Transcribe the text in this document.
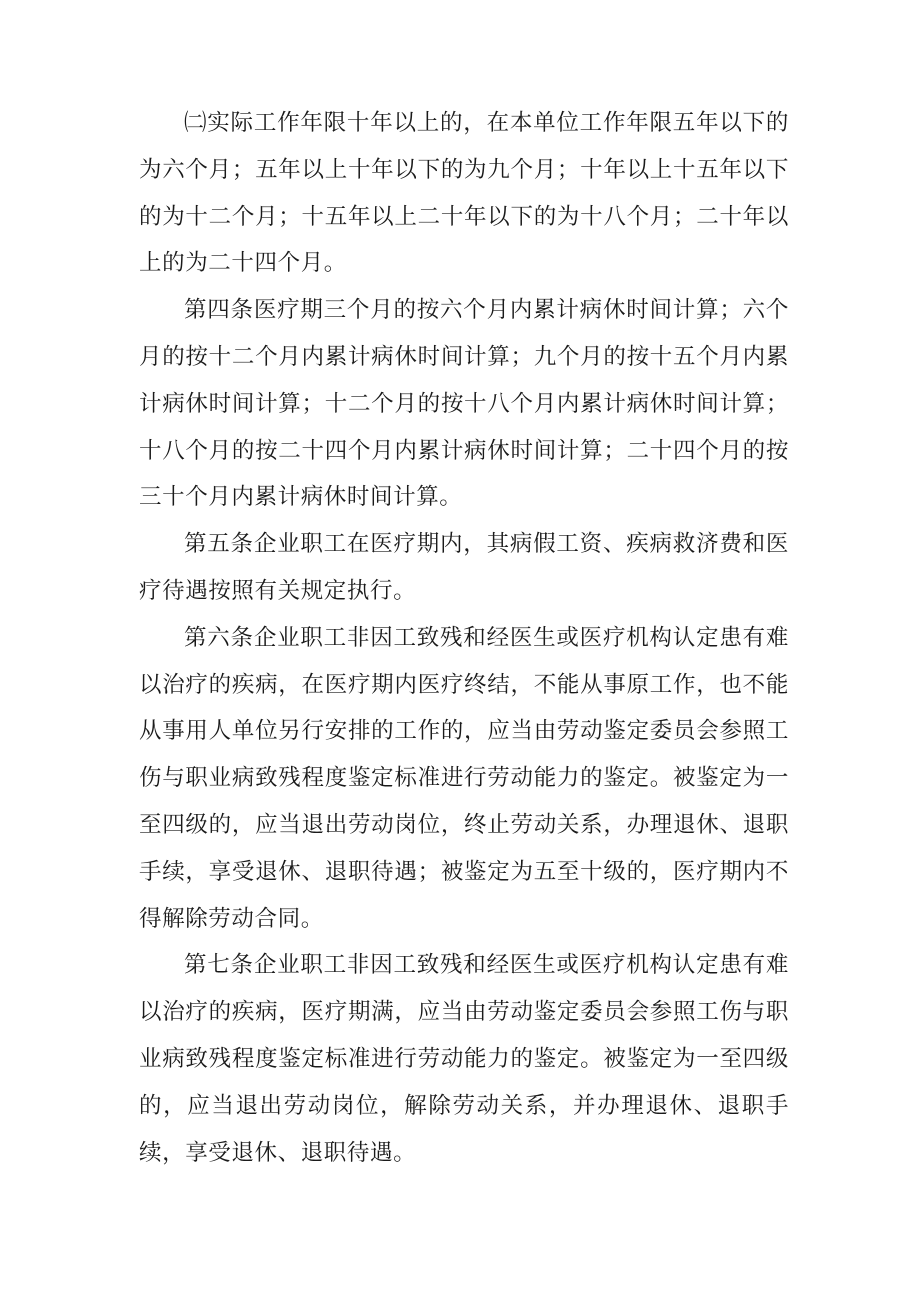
㈡实际工作年限十年以上的，在本单位工作年限五年以下的为六个月；五年以上十年以下的为九个月；十年以上十五年以下的为十二个月；十五年以上二十年以下的为十八个月；二十年以上的为二十四个月。

第四条医疗期三个月的按六个月内累计病休时间计算；六个月的按十二个月内累计病休时间计算；九个月的按十五个月内累计病休时间计算；十二个月的按十八个月内累计病休时间计算；十八个月的按二十四个月内累计病休时间计算；二十四个月的按三十个月内累计病休时间计算。

第五条企业职工在医疗期内，其病假工资、疾病救济费和医疗待遇按照有关规定执行。

第六条企业职工非因工致残和经医生或医疗机构认定患有难以治疗的疾病，在医疗期内医疗终结，不能从事原工作，也不能从事用人单位另行安排的工作的，应当由劳动鉴定委员会参照工伤与职业病致残程度鉴定标准进行劳动能力的鉴定。被鉴定为一至四级的，应当退出劳动岗位，终止劳动关系，办理退休、退职手续，享受退休、退职待遇；被鉴定为五至十级的，医疗期内不得解除劳动合同。

第七条企业职工非因工致残和经医生或医疗机构认定患有难以治疗的疾病，医疗期满，应当由劳动鉴定委员会参照工伤与职业病致残程度鉴定标准进行劳动能力的鉴定。被鉴定为一至四级的，应当退出劳动岗位，解除劳动关系，并办理退休、退职手续，享受退休、退职待遇。
